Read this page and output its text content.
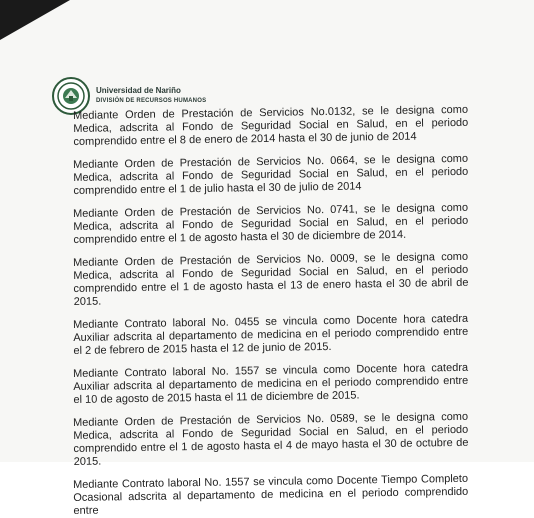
Universidad de Nariño
DIVISIÓN DE RECURSOS HUMANOS

Mediante Orden de Prestación de Servicios No.0132, se le designa como Medica, adscrita al Fondo de Seguridad Social en Salud, en el periodo comprendido entre el 8 de enero de 2014 hasta el 30 de junio de 2014

Mediante Orden de Prestación de Servicios No. 0664, se le designa como Medica, adscrita al Fondo de Seguridad Social en Salud, en el periodo comprendido entre el 1 de julio hasta el 30 de julio de 2014

Mediante Orden de Prestación de Servicios No. 0741, se le designa como Medica, adscrita al Fondo de Seguridad Social en Salud, en el periodo comprendido entre el 1 de agosto hasta el 30 de diciembre de 2014.

Mediante Orden de Prestación de Servicios No. 0009, se le designa como Medica, adscrita al Fondo de Seguridad Social en Salud, en el periodo comprendido entre el 1 de agosto hasta el 13 de enero hasta el 30 de abril de 2015.

Mediante Contrato laboral No. 0455 se vincula como Docente hora catedra Auxiliar adscrita al departamento de medicina en el periodo comprendido entre el 2 de febrero de 2015 hasta el 12 de junio de 2015.

Mediante Contrato laboral No. 1557 se vincula como Docente hora catedra Auxiliar adscrita al departamento de medicina en el periodo comprendido entre el 10 de agosto de 2015 hasta el 11 de diciembre de 2015.

Mediante Orden de Prestación de Servicios No. 0589, se le designa como Medica, adscrita al Fondo de Seguridad Social en Salud, en el periodo comprendido entre el 1 de agosto hasta el 4 de mayo hasta el 30 de octubre de 2015.

Mediante Contrato laboral No. 1557 se vincula como Docente Tiempo Completo Ocasional adscrita al departamento de medicina en el periodo comprendido entre
